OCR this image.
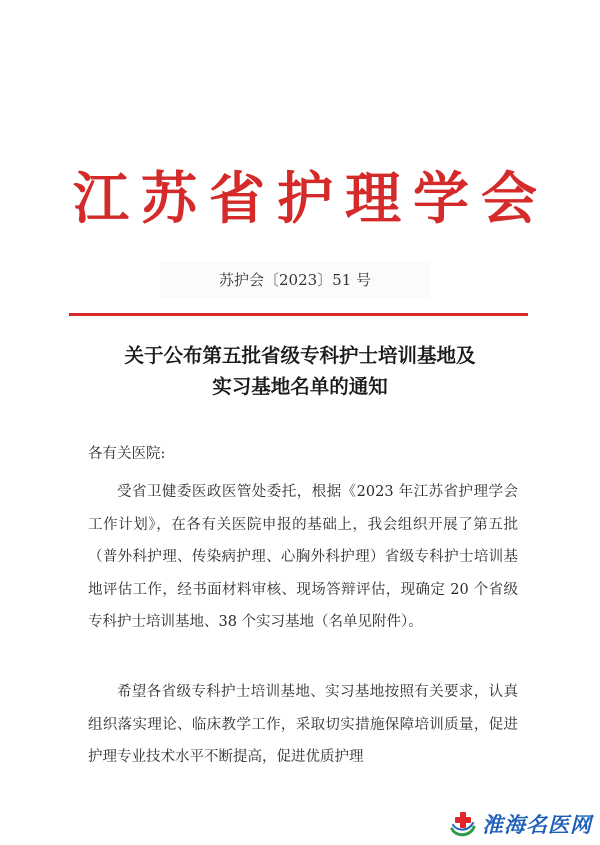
江 苏 省 护 理 学 会
苏护会〔2023〕51 号
关于公布第五批省级专科护士培训基地及
实习基地名单的通知
各有关医院:
受省卫健委医政医管处委托，根据《2023 年江苏省护理学会工作计划》，在各有关医院申报的基础上，我会组织开展了第五批（普外科护理、传染病护理、心胸外科护理）省级专科护士培训基地评估工作，经书面材料审核、现场答辩评估，现确定 20 个省级专科护士培训基地、38 个实习基地（名单见附件）。
希望各省级专科护士培训基地、实习基地按照有关要求，认真组织落实理论、临床教学工作，采取切实措施保障培训质量，促进护理专业技术水平不断提高，促进优质护理
淮海名医网
